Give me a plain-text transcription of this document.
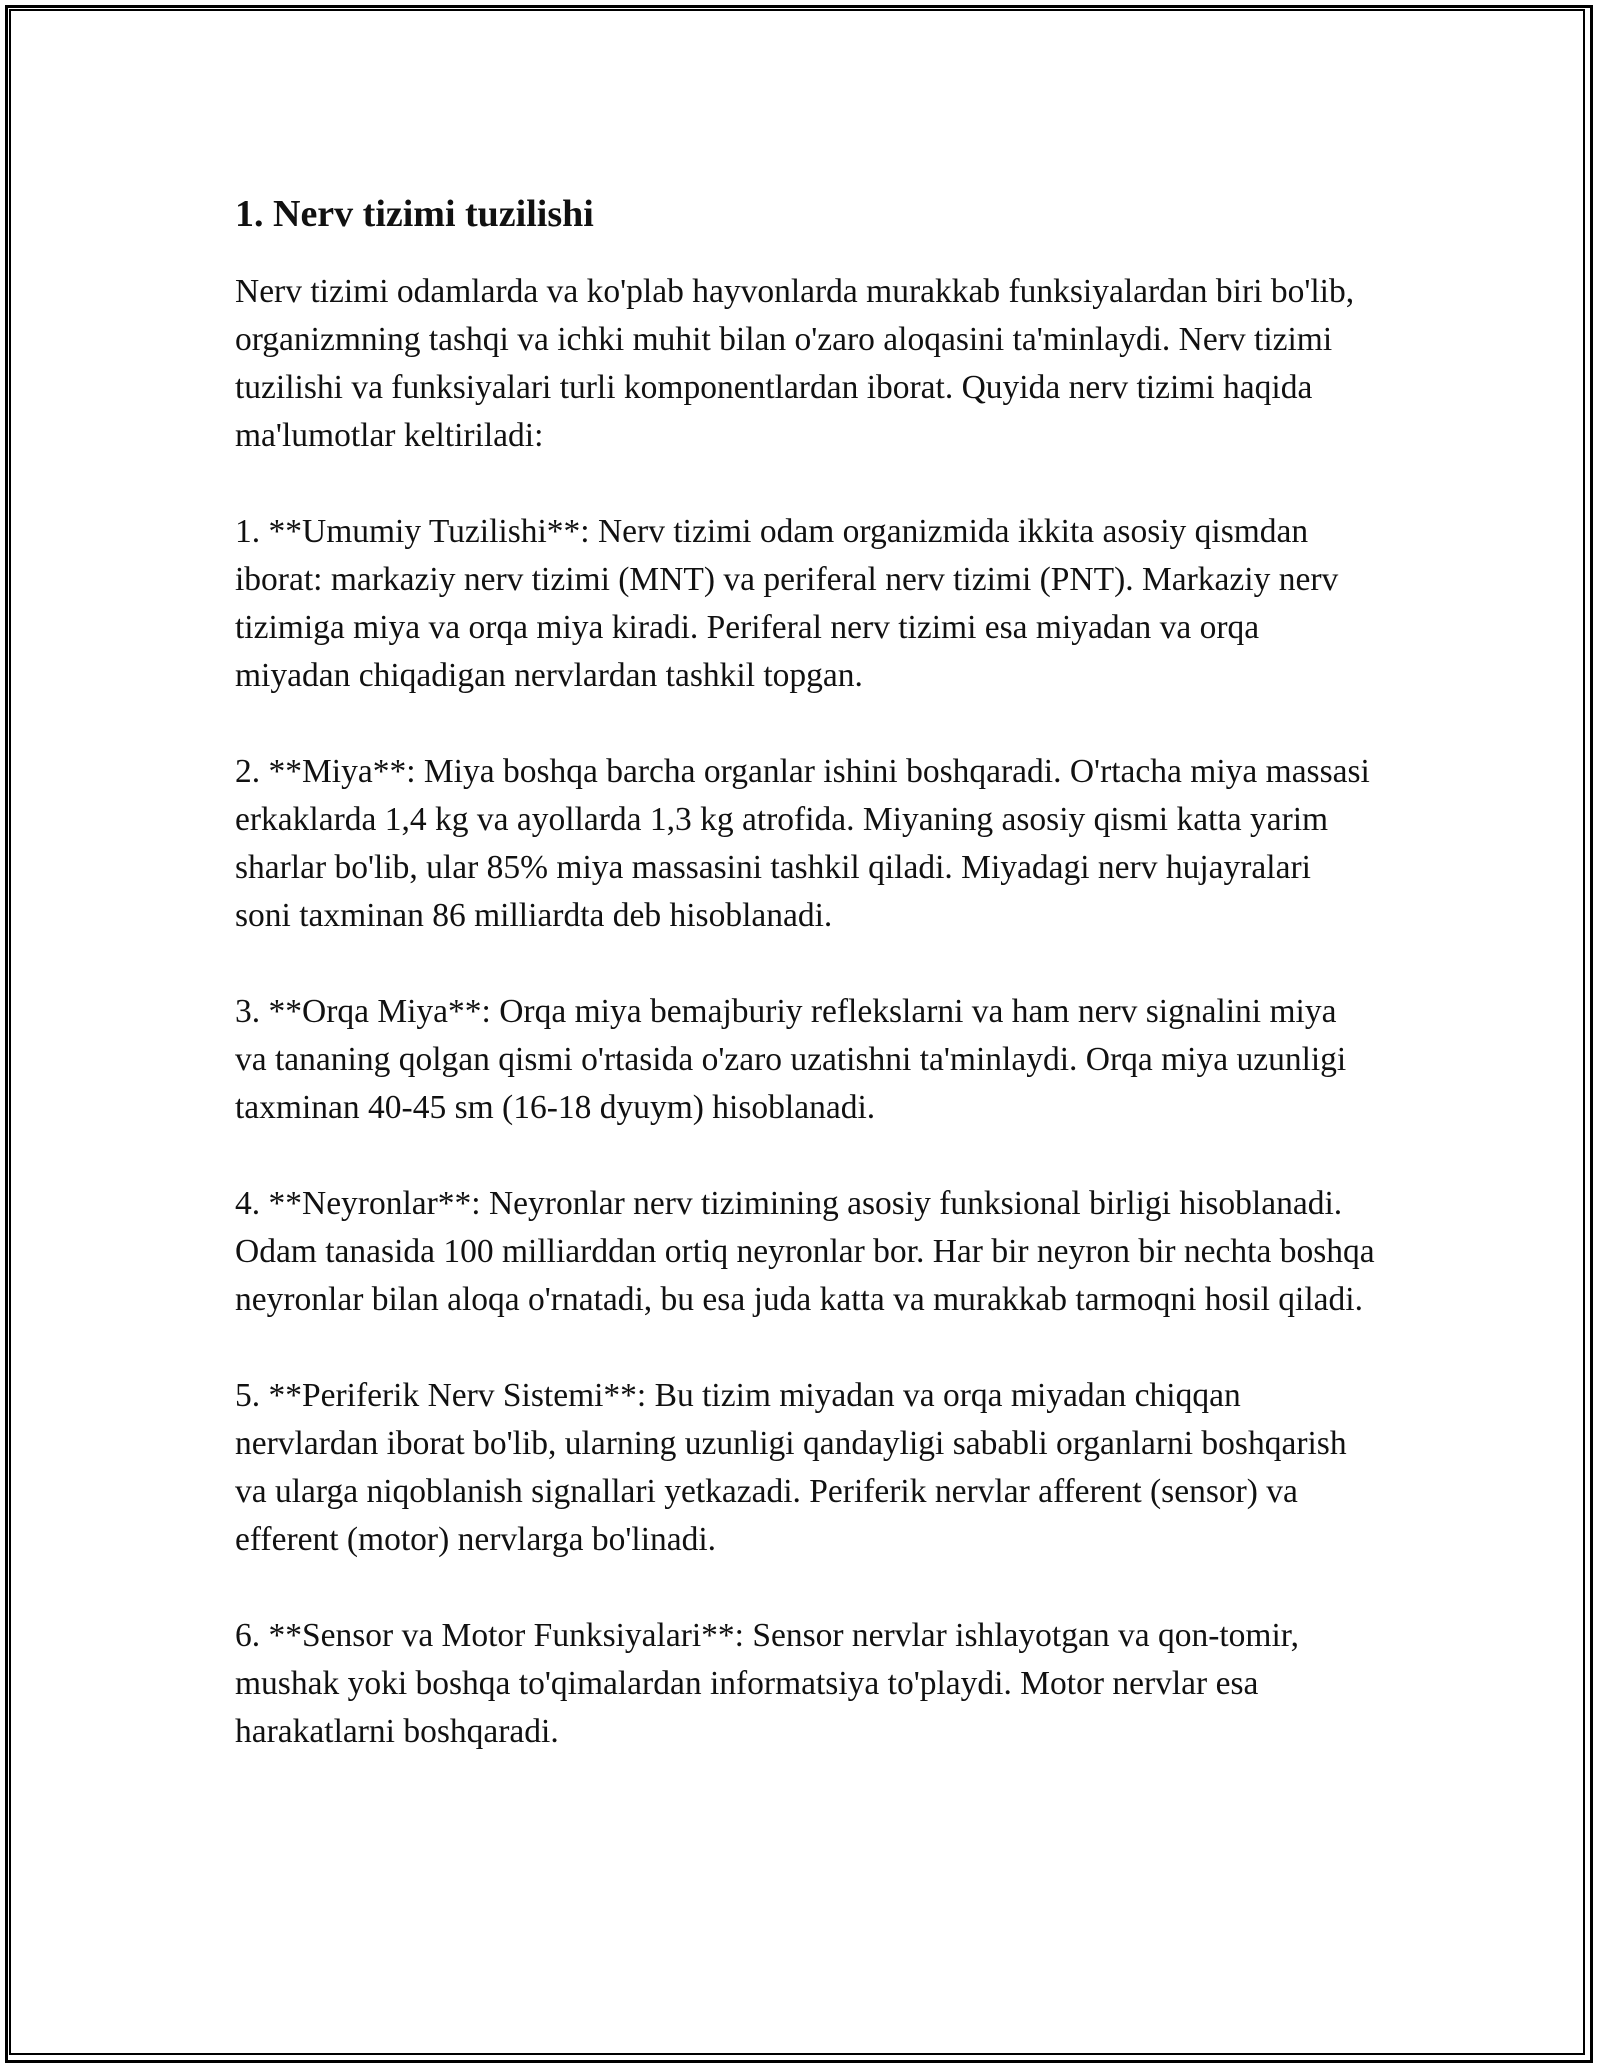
1. Nerv tizimi tuzilishi

Nerv tizimi odamlarda va ko'plab hayvonlarda murakkab funksiyalardan biri bo'lib, organizmning tashqi va ichki muhit bilan o'zaro aloqasini ta'minlaydi. Nerv tizimi tuzilishi va funksiyalari turli komponentlardan iborat. Quyida nerv tizimi haqida ma'lumotlar keltiriladi:

1. **Umumiy Tuzilishi**: Nerv tizimi odam organizmida ikkita asosiy qismdan iborat: markaziy nerv tizimi (MNT) va periferal nerv tizimi (PNT). Markaziy nerv tizimiga miya va orqa miya kiradi. Periferal nerv tizimi esa miyadan va orqa miyadan chiqadigan nervlardan tashkil topgan.

2. **Miya**: Miya boshqa barcha organlar ishini boshqaradi. O'rtacha miya massasi erkaklarda 1,4 kg va ayollarda 1,3 kg atrofida. Miyaning asosiy qismi katta yarim sharlar bo'lib, ular 85% miya massasini tashkil qiladi. Miyadagi nerv hujayralari soni taxminan 86 milliardta deb hisoblanadi.

3. **Orqa Miya**: Orqa miya bemajburiy reflekslarni va ham nerv signalini miya va tananing qolgan qismi o'rtasida o'zaro uzatishni ta'minlaydi. Orqa miya uzunligi taxminan 40-45 sm (16-18 dyuym) hisoblanadi.

4. **Neyronlar**: Neyronlar nerv tizimining asosiy funksional birligi hisoblanadi. Odam tanasida 100 milliarddan ortiq neyronlar bor. Har bir neyron bir nechta boshqa neyronlar bilan aloqa o'rnatadi, bu esa juda katta va murakkab tarmoqni hosil qiladi.

5. **Periferik Nerv Sistemi**: Bu tizim miyadan va orqa miyadan chiqqan nervlardan iborat bo'lib, ularning uzunligi qandayligi sababli organlarni boshqarish va ularga niqoblanish signallari yetkazadi. Periferik nervlar afferent (sensor) va efferent (motor) nervlarga bo'linadi.

6. **Sensor va Motor Funksiyalari**: Sensor nervlar ishlayotgan va qon-tomir, mushak yoki boshqa to'qimalardan informatsiya to'playdi. Motor nervlar esa harakatlarni boshqaradi.
